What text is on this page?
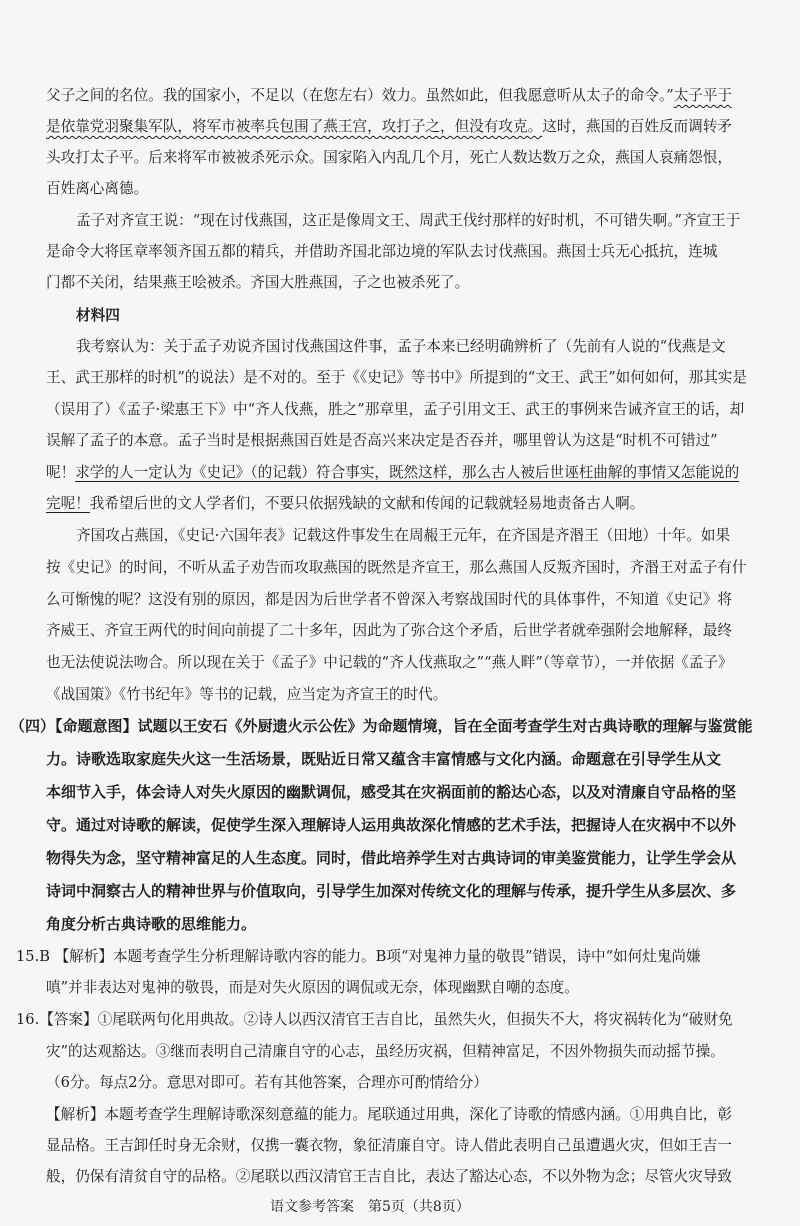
父子之间的名位。我的国家小，不足以（在您左右）效力。虽然如此，但我愿意听从太子的命令。”太子平于
是依靠党羽聚集军队，将军市被率兵包围了燕王宫，攻打子之，但没有攻克。这时，燕国的百姓反而调转矛
头攻打太子平。后来将军市被被杀死示众。国家陷入内乱几个月，死亡人数达数万之众，燕国人哀痛怨恨，
百姓离心离德。
孟子对齐宣王说：“现在讨伐燕国，这正是像周文王、周武王伐纣那样的好时机，不可错失啊。”齐宣王于
是命令大将匡章率领齐国五都的精兵，并借助齐国北部边境的军队去讨伐燕国。燕国士兵无心抵抗，连城
门都不关闭，结果燕王哙被杀。齐国大胜燕国，子之也被杀死了。
材料四
我考察认为：关于孟子劝说齐国讨伐燕国这件事，孟子本来已经明确辨析了（先前有人说的“伐燕是文
王、武王那样的时机”的说法）是不对的。至于《《史记》等书中》所提到的“文王、武王”如何如何，那其实是
（误用了）《孟子·梁惠王下》中“齐人伐燕，胜之”那章里，孟子引用文王、武王的事例来告诫齐宣王的话，却
误解了孟子的本意。孟子当时是根据燕国百姓是否高兴来决定是否吞并，哪里曾认为这是“时机不可错过”
呢！求学的人一定认为《史记》（的记载）符合事实，既然这样，那么古人被后世诬枉曲解的事情又怎能说的
完呢！我希望后世的文人学者们，不要只依据残缺的文献和传闻的记载就轻易地责备古人啊。
齐国攻占燕国，《史记·六国年表》记载这件事发生在周赧王元年，在齐国是齐湣王（田地）十年。如果
按《史记》的时间，不听从孟子劝告而攻取燕国的既然是齐宣王，那么燕国人反叛齐国时，齐湣王对孟子有什
么可惭愧的呢？这没有别的原因，都是因为后世学者不曾深入考察战国时代的具体事件，不知道《史记》将
齐威王、齐宣王两代的时间向前提了二十多年，因此为了弥合这个矛盾，后世学者就牵强附会地解释，最终
也无法使说法吻合。所以现在关于《孟子》中记载的“齐人伐燕取之”“燕人畔”（等章节），一并依据《孟子》
《战国策》《竹书纪年》等书的记载，应当定为齐宣王的时代。
（四）【命题意图】试题以王安石《外厨遗火示公佐》为命题情境，旨在全面考查学生对古典诗歌的理解与鉴赏能
力。诗歌选取家庭失火这一生活场景，既贴近日常又蕴含丰富情感与文化内涵。命题意在引导学生从文
本细节入手，体会诗人对失火原因的幽默调侃，感受其在灾祸面前的豁达心态，以及对清廉自守品格的坚
守。通过对诗歌的解读，促使学生深入理解诗人运用典故深化情感的艺术手法，把握诗人在灾祸中不以外
物得失为念，坚守精神富足的人生态度。同时，借此培养学生对古典诗词的审美鉴赏能力，让学生学会从
诗词中洞察古人的精神世界与价值取向，引导学生加深对传统文化的理解与传承，提升学生从多层次、多
角度分析古典诗歌的思维能力。
15.B 【解析】本题考查学生分析理解诗歌内容的能力。B项“对鬼神力量的敬畏”错误，诗中“如何灶鬼尚嫌
嗔”并非表达对鬼神的敬畏，而是对失火原因的调侃或无奈，体现幽默自嘲的态度。
16.【答案】①尾联两句化用典故。②诗人以西汉清官王吉自比，虽然失火，但损失不大，将灾祸转化为“破财免
灾”的达观豁达。③继而表明自己清廉自守的心志，虽经历灾祸，但精神富足，不因外物损失而动摇节操。
（6分。每点2分。意思对即可。若有其他答案，合理亦可酌情给分）
【解析】本题考查学生理解诗歌深刻意蕴的能力。尾联通过用典，深化了诗歌的情感内涵。①用典自比，彰
显品格。王吉卸任时身无余财，仅携一囊衣物，象征清廉自守。诗人借此表明自己虽遭遇火灾，但如王吉一
般，仍保有清贫自守的品格。②尾联以西汉清官王吉自比，表达了豁达心态，不以外物为念；尽管火灾导致
语文参考答案　第5页（共8页）
